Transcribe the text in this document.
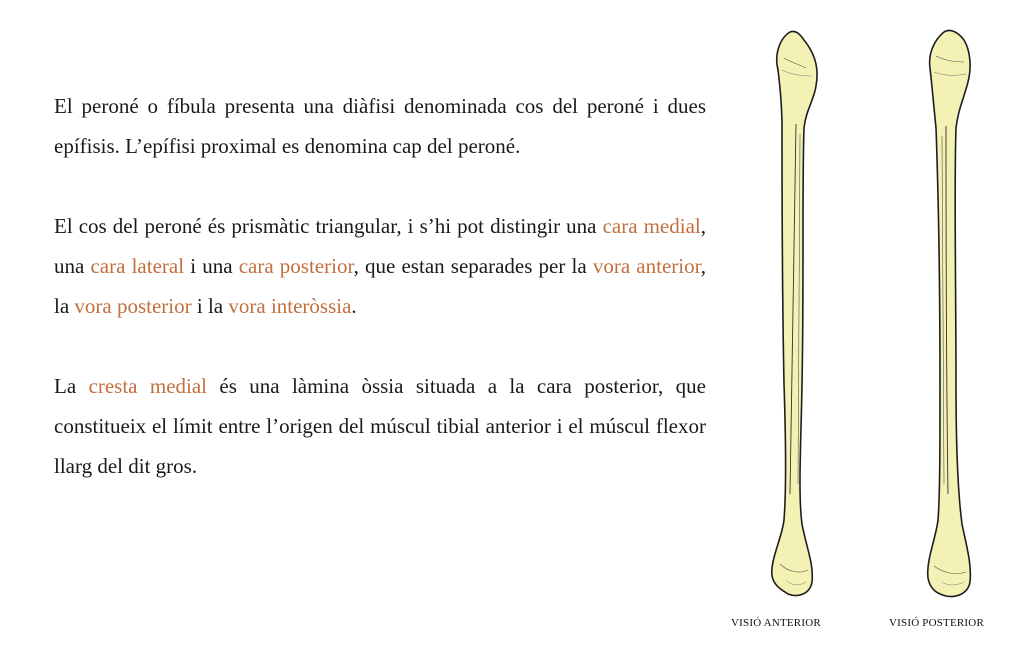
El peroné o fíbula presenta una diàfisi denominada cos del peroné i dues epífisis. L’epífisi proximal es denomina cap del peroné.

El cos del peroné és prismàtic triangular, i s’hi pot distingir una cara medial, una cara lateral i una cara posterior, que estan separades per la vora anterior, la vora posterior i la vora interòssia.

La cresta medial és una làmina òssia situada a la cara posterior, que constitueix el límit entre l’origen del múscul tibial anterior i el múscul flexor llarg del dit gros.

VISIÓ ANTERIOR	VISIÓ POSTERIOR
